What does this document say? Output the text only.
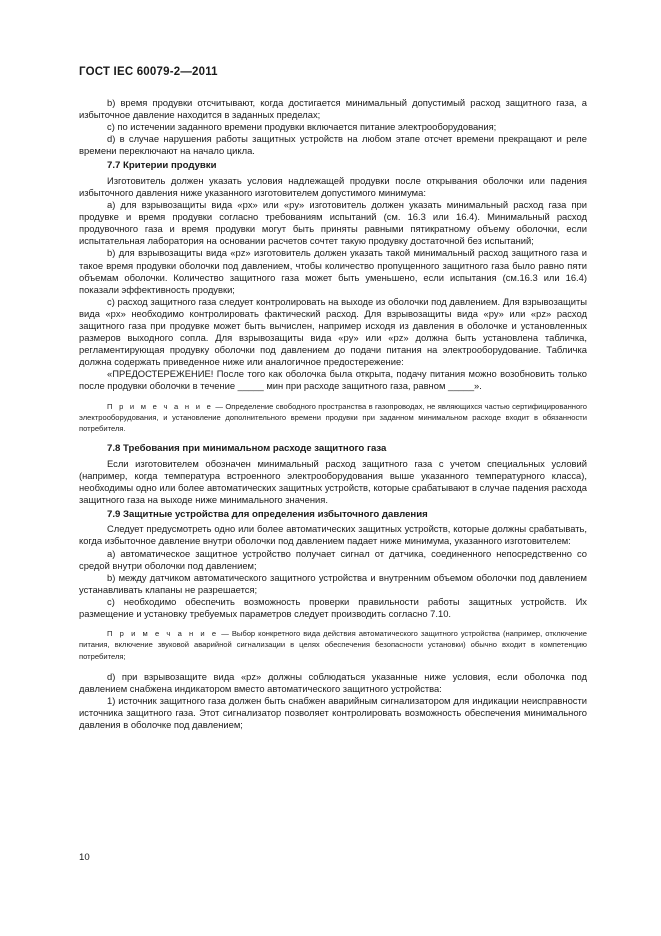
ГОСТ IEC 60079-2—2011

b) время продувки отсчитывают, когда достигается минимальный допустимый расход защитного газа, а избыточное давление находится в заданных пределах;

c) по истечении заданного времени продувки включается питание электрооборудования;

d) в случае нарушения работы защитных устройств на любом этапе отсчет времени прекращают и реле времени переключают на начало цикла.

7.7 Критерии продувки

Изготовитель должен указать условия надлежащей продувки после открывания оболочки или падения избыточного давления ниже указанного изготовителем допустимого минимума:

a) для взрывозащиты вида «px» или «py» изготовитель должен указать минимальный расход газа при продувке и время продувки согласно требованиям испытаний (см. 16.3 или 16.4). Минимальный расход продувочного газа и время продувки могут быть приняты равными пятикратному объему оболочки, если испытательная лаборатория на основании расчетов сочтет такую продувку достаточной без испытаний;

b) для взрывозащиты вида «pz» изготовитель должен указать такой минимальный расход защитного газа и такое время продувки оболочки под давлением, чтобы количество пропущенного защитного газа было равно пяти объемам оболочки. Количество защитного газа может быть уменьшено, если испытания (см.16.3 или 16.4) показали эффективность продувки;

c) расход защитного газа следует контролировать на выходе из оболочки под давлением. Для взрывозащиты вида «px» необходимо контролировать фактический расход. Для взрывозащиты вида «py» или «pz» расход защитного газа при продувке может быть вычислен, например исходя из давления в оболочке и установленных размеров выходного сопла. Для взрывозащиты вида «py» или «pz» должна быть установлена табличка, регламентирующая продувку оболочки под давлением до подачи питания на электрооборудование. Табличка должна содержать приведенное ниже или аналогичное предостережение:

«ПРЕДОСТЕРЕЖЕНИЕ! После того как оболочка была открыта, подачу питания можно возобновить только после продувки оболочки в течение _____ мин при расходе защитного газа, равном _____».

П р и м е ч а н и е — Определение свободного пространства в газопроводах, не являющихся частью сертифицированного электрооборудования, и установление дополнительного времени продувки при заданном минимальном расходе входит в обязанности потребителя.

7.8 Требования при минимальном расходе защитного газа

Если изготовителем обозначен минимальный расход защитного газа с учетом специальных условий (например, когда температура встроенного электрооборудования выше указанного температурного класса), необходимы одно или более автоматических защитных устройств, которые срабатывают в случае падения расхода защитного газа на выходе ниже минимального значения.

7.9 Защитные устройства для определения избыточного давления

Следует предусмотреть одно или более автоматических защитных устройств, которые должны срабатывать, когда избыточное давление внутри оболочки под давлением падает ниже минимума, указанного изготовителем:

a) автоматическое защитное устройство получает сигнал от датчика, соединенного непосредственно со средой внутри оболочки под давлением;

b) между датчиком автоматического защитного устройства и внутренним объемом оболочки под давлением устанавливать клапаны не разрешается;

c) необходимо обеспечить возможность проверки правильности работы защитных устройств. Их размещение и установку требуемых параметров следует производить согласно 7.10.

П р и м е ч а н и е — Выбор конкретного вида действия автоматического защитного устройства (например, отключение питания, включение звуковой аварийной сигнализации в целях обеспечения безопасности установки) обычно входит в компетенцию потребителя;

d) при взрывозащите вида «pz» должны соблюдаться указанные ниже условия, если оболочка под давлением снабжена индикатором вместо автоматического защитного устройства:

1) источник защитного газа должен быть снабжен аварийным сигнализатором для индикации неисправности источника защитного газа. Этот сигнализатор позволяет контролировать возможность обеспечения минимального давления в оболочке под давлением;

10
